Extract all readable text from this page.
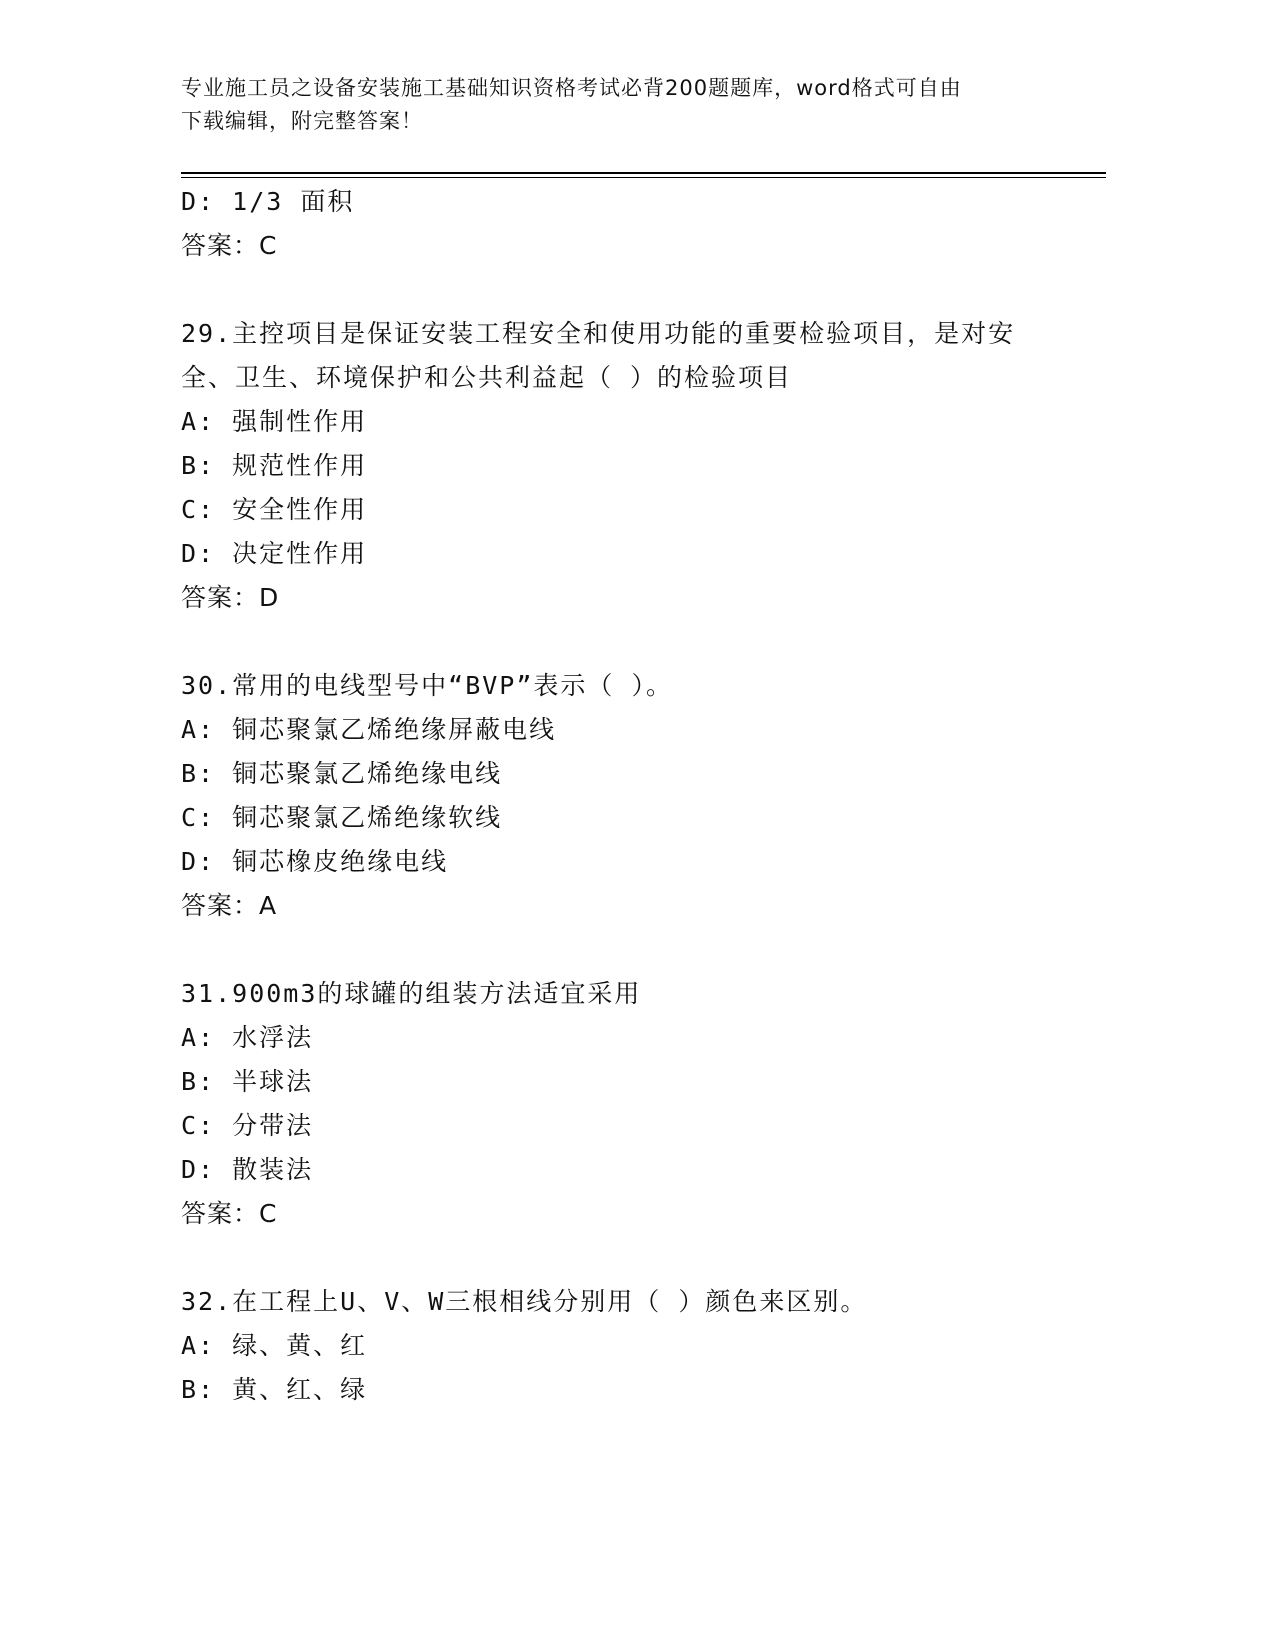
专业施工员之设备安装施工基础知识资格考试必背200题题库，word格式可自由
下载编辑，附完整答案！
D: 1/3 面积
答案：C
29.主控项目是保证安装工程安全和使用功能的重要检验项目，是对安
全、卫生、环境保护和公共利益起（ ）的检验项目
A: 强制性作用
B: 规范性作用
C: 安全性作用
D: 决定性作用
答案：D
30.常用的电线型号中“BVP”表示（ ）。
A: 铜芯聚氯乙烯绝缘屏蔽电线
B: 铜芯聚氯乙烯绝缘电线
C: 铜芯聚氯乙烯绝缘软线
D: 铜芯橡皮绝缘电线
答案：A
31.900m3的球罐的组装方法适宜采用
A: 水浮法
B: 半球法
C: 分带法
D: 散装法
答案：C
32.在工程上U、V、W三根相线分别用（ ）颜色来区别。
A: 绿、黄、红
B: 黄、红、绿
